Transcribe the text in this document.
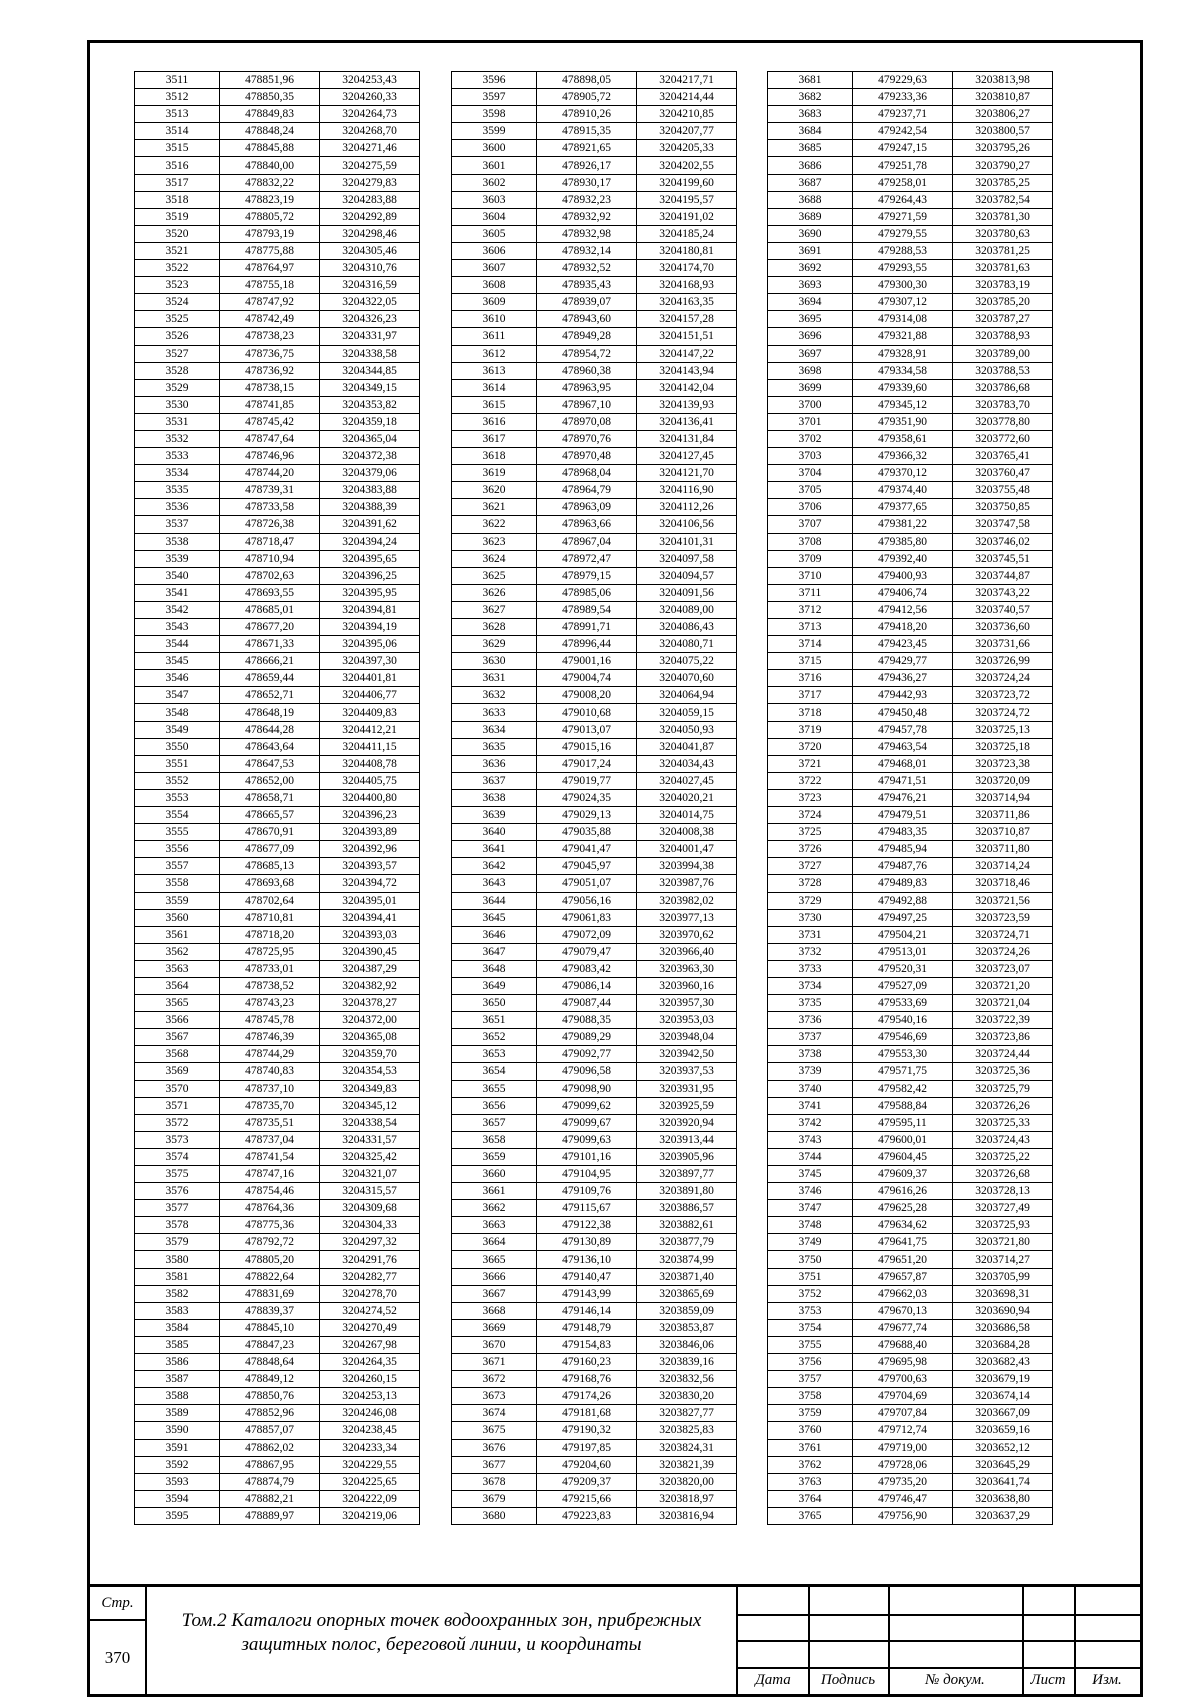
3511	478851,96	3204253,43
3512	478850,35	3204260,33
3513	478849,83	3204264,73
3514	478848,24	3204268,70
3515	478845,88	3204271,46
3516	478840,00	3204275,59
3517	478832,22	3204279,83
3518	478823,19	3204283,88
3519	478805,72	3204292,89
3520	478793,19	3204298,46
3521	478775,88	3204305,46
3522	478764,97	3204310,76
3523	478755,18	3204316,59
3524	478747,92	3204322,05
3525	478742,49	3204326,23
3526	478738,23	3204331,97
3527	478736,75	3204338,58
3528	478736,92	3204344,85
3529	478738,15	3204349,15
3530	478741,85	3204353,82
3531	478745,42	3204359,18
3532	478747,64	3204365,04
3533	478746,96	3204372,38
3534	478744,20	3204379,06
3535	478739,31	3204383,88
3536	478733,58	3204388,39
3537	478726,38	3204391,62
3538	478718,47	3204394,24
3539	478710,94	3204395,65
3540	478702,63	3204396,25
3541	478693,55	3204395,95
3542	478685,01	3204394,81
3543	478677,20	3204394,19
3544	478671,33	3204395,06
3545	478666,21	3204397,30
3546	478659,44	3204401,81
3547	478652,71	3204406,77
3548	478648,19	3204409,83
3549	478644,28	3204412,21
3550	478643,64	3204411,15
3551	478647,53	3204408,78
3552	478652,00	3204405,75
3553	478658,71	3204400,80
3554	478665,57	3204396,23
3555	478670,91	3204393,89
3556	478677,09	3204392,96
3557	478685,13	3204393,57
3558	478693,68	3204394,72
3559	478702,64	3204395,01
3560	478710,81	3204394,41
3561	478718,20	3204393,03
3562	478725,95	3204390,45
3563	478733,01	3204387,29
3564	478738,52	3204382,92
3565	478743,23	3204378,27
3566	478745,78	3204372,00
3567	478746,39	3204365,08
3568	478744,29	3204359,70
3569	478740,83	3204354,53
3570	478737,10	3204349,83
3571	478735,70	3204345,12
3572	478735,51	3204338,54
3573	478737,04	3204331,57
3574	478741,54	3204325,42
3575	478747,16	3204321,07
3576	478754,46	3204315,57
3577	478764,36	3204309,68
3578	478775,36	3204304,33
3579	478792,72	3204297,32
3580	478805,20	3204291,76
3581	478822,64	3204282,77
3582	478831,69	3204278,70
3583	478839,37	3204274,52
3584	478845,10	3204270,49
3585	478847,23	3204267,98
3586	478848,64	3204264,35
3587	478849,12	3204260,15
3588	478850,76	3204253,13
3589	478852,96	3204246,08
3590	478857,07	3204238,45
3591	478862,02	3204233,34
3592	478867,95	3204229,55
3593	478874,79	3204225,65
3594	478882,21	3204222,09
3595	478889,97	3204219,06
3596	478898,05	3204217,71
3597	478905,72	3204214,44
3598	478910,26	3204210,85
3599	478915,35	3204207,77
3600	478921,65	3204205,33
3601	478926,17	3204202,55
3602	478930,17	3204199,60
3603	478932,23	3204195,57
3604	478932,92	3204191,02
3605	478932,98	3204185,24
3606	478932,14	3204180,81
3607	478932,52	3204174,70
3608	478935,43	3204168,93
3609	478939,07	3204163,35
3610	478943,60	3204157,28
3611	478949,28	3204151,51
3612	478954,72	3204147,22
3613	478960,38	3204143,94
3614	478963,95	3204142,04
3615	478967,10	3204139,93
3616	478970,08	3204136,41
3617	478970,76	3204131,84
3618	478970,48	3204127,45
3619	478968,04	3204121,70
3620	478964,79	3204116,90
3621	478963,09	3204112,26
3622	478963,66	3204106,56
3623	478967,04	3204101,31
3624	478972,47	3204097,58
3625	478979,15	3204094,57
3626	478985,06	3204091,56
3627	478989,54	3204089,00
3628	478991,71	3204086,43
3629	478996,44	3204080,71
3630	479001,16	3204075,22
3631	479004,74	3204070,60
3632	479008,20	3204064,94
3633	479010,68	3204059,15
3634	479013,07	3204050,93
3635	479015,16	3204041,87
3636	479017,24	3204034,43
3637	479019,77	3204027,45
3638	479024,35	3204020,21
3639	479029,13	3204014,75
3640	479035,88	3204008,38
3641	479041,47	3204001,47
3642	479045,97	3203994,38
3643	479051,07	3203987,76
3644	479056,16	3203982,02
3645	479061,83	3203977,13
3646	479072,09	3203970,62
3647	479079,47	3203966,40
3648	479083,42	3203963,30
3649	479086,14	3203960,16
3650	479087,44	3203957,30
3651	479088,35	3203953,03
3652	479089,29	3203948,04
3653	479092,77	3203942,50
3654	479096,58	3203937,53
3655	479098,90	3203931,95
3656	479099,62	3203925,59
3657	479099,67	3203920,94
3658	479099,63	3203913,44
3659	479101,16	3203905,96
3660	479104,95	3203897,77
3661	479109,76	3203891,80
3662	479115,67	3203886,57
3663	479122,38	3203882,61
3664	479130,89	3203877,79
3665	479136,10	3203874,99
3666	479140,47	3203871,40
3667	479143,99	3203865,69
3668	479146,14	3203859,09
3669	479148,79	3203853,87
3670	479154,83	3203846,06
3671	479160,23	3203839,16
3672	479168,76	3203832,56
3673	479174,26	3203830,20
3674	479181,68	3203827,77
3675	479190,32	3203825,83
3676	479197,85	3203824,31
3677	479204,60	3203821,39
3678	479209,37	3203820,00
3679	479215,66	3203818,97
3680	479223,83	3203816,94
3681	479229,63	3203813,98
3682	479233,36	3203810,87
3683	479237,71	3203806,27
3684	479242,54	3203800,57
3685	479247,15	3203795,26
3686	479251,78	3203790,27
3687	479258,01	3203785,25
3688	479264,43	3203782,54
3689	479271,59	3203781,30
3690	479279,55	3203780,63
3691	479288,53	3203781,25
3692	479293,55	3203781,63
3693	479300,30	3203783,19
3694	479307,12	3203785,20
3695	479314,08	3203787,27
3696	479321,88	3203788,93
3697	479328,91	3203789,00
3698	479334,58	3203788,53
3699	479339,60	3203786,68
3700	479345,12	3203783,70
3701	479351,90	3203778,80
3702	479358,61	3203772,60
3703	479366,32	3203765,41
3704	479370,12	3203760,47
3705	479374,40	3203755,48
3706	479377,65	3203750,85
3707	479381,22	3203747,58
3708	479385,80	3203746,02
3709	479392,40	3203745,51
3710	479400,93	3203744,87
3711	479406,74	3203743,22
3712	479412,56	3203740,57
3713	479418,20	3203736,60
3714	479423,45	3203731,66
3715	479429,77	3203726,99
3716	479436,27	3203724,24
3717	479442,93	3203723,72
3718	479450,48	3203724,72
3719	479457,78	3203725,13
3720	479463,54	3203725,18
3721	479468,01	3203723,38
3722	479471,51	3203720,09
3723	479476,21	3203714,94
3724	479479,51	3203711,86
3725	479483,35	3203710,87
3726	479485,94	3203711,80
3727	479487,76	3203714,24
3728	479489,83	3203718,46
3729	479492,88	3203721,56
3730	479497,25	3203723,59
3731	479504,21	3203724,71
3732	479513,01	3203724,26
3733	479520,31	3203723,07
3734	479527,09	3203721,20
3735	479533,69	3203721,04
3736	479540,16	3203722,39
3737	479546,69	3203723,86
3738	479553,30	3203724,44
3739	479571,75	3203725,36
3740	479582,42	3203725,79
3741	479588,84	3203726,26
3742	479595,11	3203725,33
3743	479600,01	3203724,43
3744	479604,45	3203725,22
3745	479609,37	3203726,68
3746	479616,26	3203728,13
3747	479625,28	3203727,49
3748	479634,62	3203725,93
3749	479641,75	3203721,80
3750	479651,20	3203714,27
3751	479657,87	3203705,99
3752	479662,03	3203698,31
3753	479670,13	3203690,94
3754	479677,74	3203686,58
3755	479688,40	3203684,28
3756	479695,98	3203682,43
3757	479700,63	3203679,19
3758	479704,69	3203674,14
3759	479707,84	3203667,09
3760	479712,74	3203659,16
3761	479719,00	3203652,12
3762	479728,06	3203645,29
3763	479735,20	3203641,74
3764	479746,47	3203638,80
3765	479756,90	3203637,29
Стр.
370
Том.2 Каталоги опорных точек водоохранных зон, прибрежных защитных полос, береговой линии, и координаты
Дата	Подпись	№ докум.	Лист	Изм.
